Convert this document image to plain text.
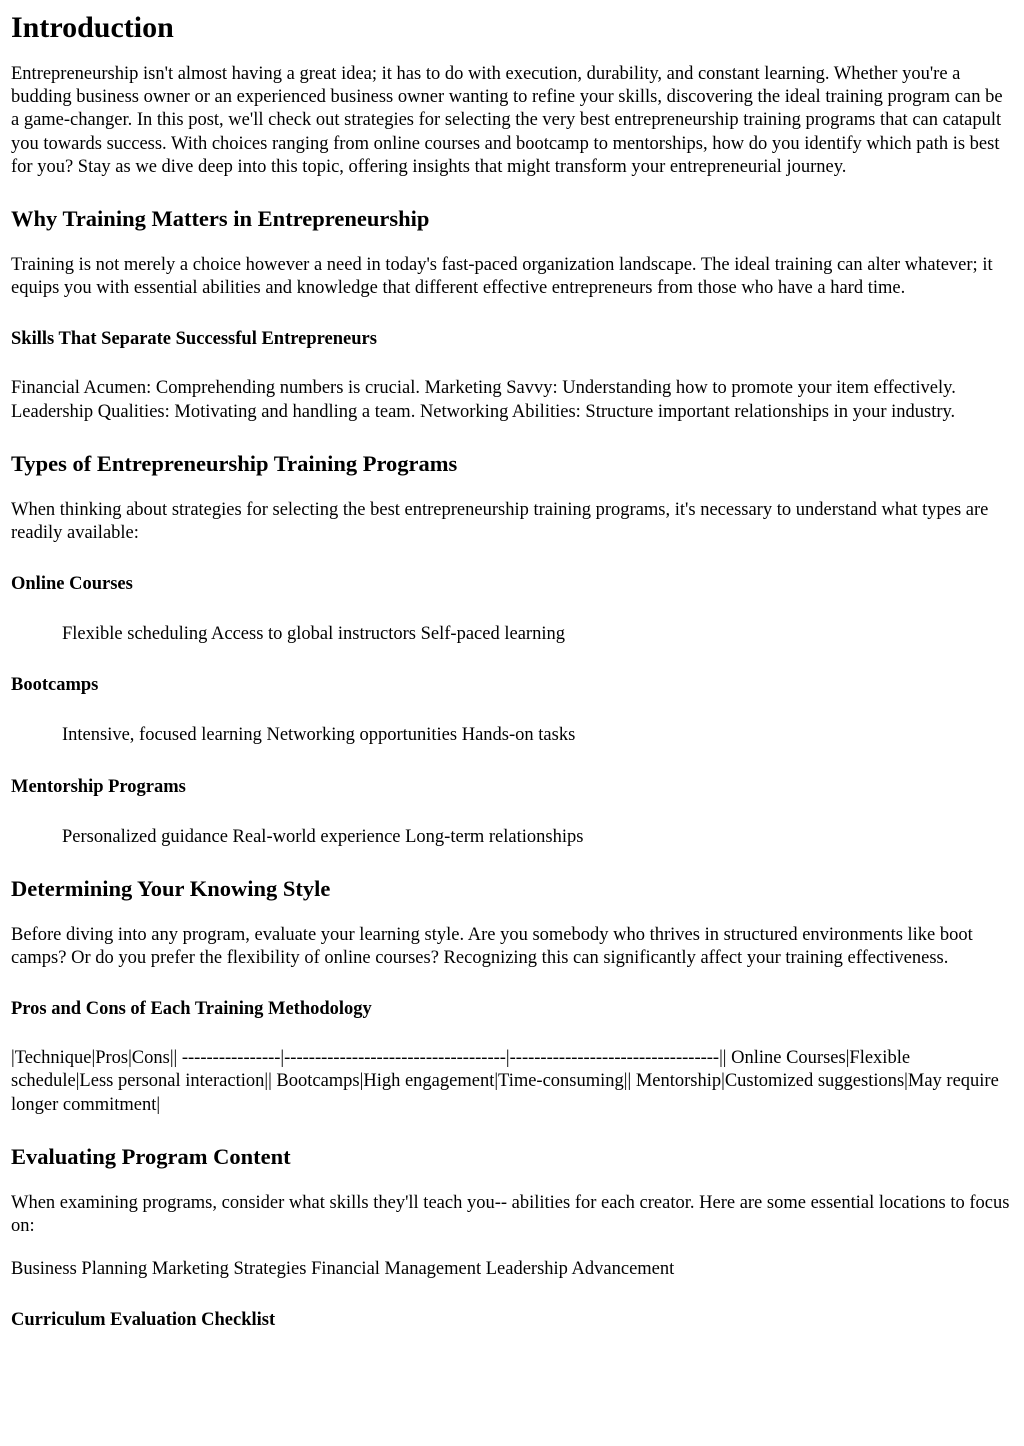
Introduction

Entrepreneurship isn't almost having a great idea; it has to do with execution, durability, and constant learning. Whether you're a budding business owner or an experienced business owner wanting to refine your skills, discovering the ideal training program can be a game-changer. In this post, we'll check out strategies for selecting the very best entrepreneurship training programs that can catapult you towards success. With choices ranging from online courses and bootcamp to mentorships, how do you identify which path is best for you? Stay as we dive deep into this topic, offering insights that might transform your entrepreneurial journey.

Why Training Matters in Entrepreneurship

Training is not merely a choice however a need in today's fast-paced organization landscape. The ideal training can alter whatever; it equips you with essential abilities and knowledge that different effective entrepreneurs from those who have a hard time.

Skills That Separate Successful Entrepreneurs

Financial Acumen: Comprehending numbers is crucial. Marketing Savvy: Understanding how to promote your item effectively. Leadership Qualities: Motivating and handling a team. Networking Abilities: Structure important relationships in your industry.

Types of Entrepreneurship Training Programs

When thinking about strategies for selecting the best entrepreneurship training programs, it's necessary to understand what types are readily available:

Online Courses

Flexible scheduling Access to global instructors Self-paced learning

Bootcamps

Intensive, focused learning Networking opportunities Hands-on tasks

Mentorship Programs

Personalized guidance Real-world experience Long-term relationships

Determining Your Knowing Style

Before diving into any program, evaluate your learning style. Are you somebody who thrives in structured environments like boot camps? Or do you prefer the flexibility of online courses? Recognizing this can significantly affect your training effectiveness.

Pros and Cons of Each Training Methodology

|Technique|Pros|Cons|| ----------------|------------------------------------|----------------------------------|| Online Courses|Flexible schedule|Less personal interaction|| Bootcamps|High engagement|Time-consuming|| Mentorship|Customized suggestions|May require longer commitment|

Evaluating Program Content

When examining programs, consider what skills they'll teach you-- abilities for each creator. Here are some essential locations to focus on:

Business Planning Marketing Strategies Financial Management Leadership Advancement

Curriculum Evaluation Checklist
